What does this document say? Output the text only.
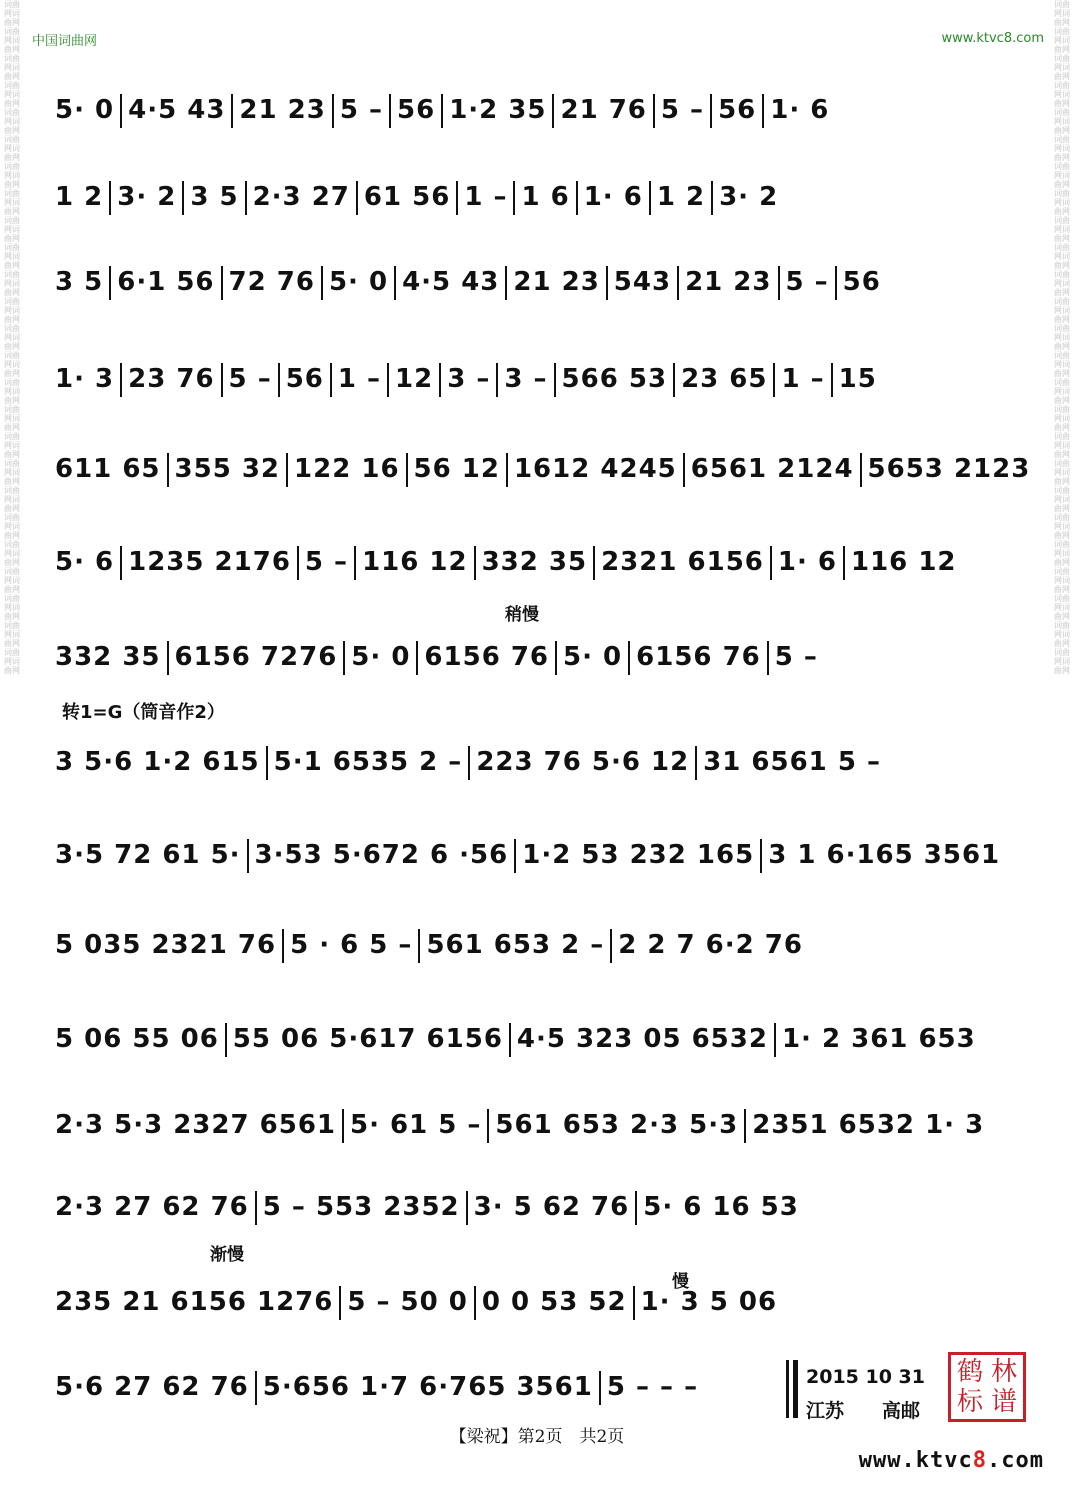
中国词曲网	www.ktvc8.com
词曲网词曲网词曲网词曲网词曲网词曲网词曲网词曲网词曲网词曲网词曲网词曲网词曲网词曲网词曲网词曲网词曲网词曲网词曲网词曲网词曲网词曲网词曲网词曲网词曲网词曲网词曲网词曲网词曲网词曲网词曲网词曲网词曲网词曲网词曲网词曲网词曲网词曲网词曲网词曲网词曲网词曲网词曲网词曲网词曲网词曲网词曲网词曲网词曲网词曲网
词曲网词曲网词曲网词曲网词曲网词曲网词曲网词曲网词曲网词曲网词曲网词曲网词曲网词曲网词曲网词曲网词曲网词曲网词曲网词曲网词曲网词曲网词曲网词曲网词曲网词曲网词曲网词曲网词曲网词曲网词曲网词曲网词曲网词曲网词曲网词曲网词曲网词曲网词曲网词曲网词曲网词曲网词曲网词曲网词曲网词曲网词曲网词曲网词曲网词曲网
5· 0 4·5 43 21 23 5 – 56 1·2 35 21 76 5 – 56 1· 6
1 2 3· 2 3 5 2·3 27 61 56 1 – 1 6 1· 6 1 2 3· 2
3 5 6·1 56 72 76 5· 0 4·5 43 21 23 543 21 23 5 – 56
1· 3 23 76 5 – 56 1 – 12 3 – 3 – 566 53 23 65 1 – 15
611 65 355 32 122 16 56 12 1612 4245 6561 2124 5653 2123
5· 6 1235 2176 5 – 116 12 332 35 2321 6156 1· 6 116 12
332 35 6156 7276 5· 0 6156 76 5· 0 6156 76 5 –
3 5·6 1·2 615 5·1 6535 2 – 223 76 5·6 12 31 6561 5 –
3·5 72 61 5· 3·53 5·672 6 ·56 1·2 53 232 165 3 1 6·165 3561
5 035 2321 76 5 · 6 5 – 561 653 2 – 2 2 7 6·2 76
5 06 55 06 55 06 5·617 6156 4·5 323 05 6532 1· 2 361 653
2·3 5·3 2327 6561 5· 61 5 – 561 653 2·3 5·3 2351 6532 1· 3
2·3 27 62 76 5 – 553 2352 3· 5 62 76 5· 6 16 53
235 21 6156 1276 5 – 50 0 0 0 53 52 1· 3 5 06
5·6 27 62 76 5·656 1·7 6·765 3561 5 – – –
稍慢
转1=G（筒音作2）
渐慢
慢
2015 10 31
江苏　　高邮
鹤 林
标 谱
【梁祝】第2页　共2页
www.ktvc8.com
